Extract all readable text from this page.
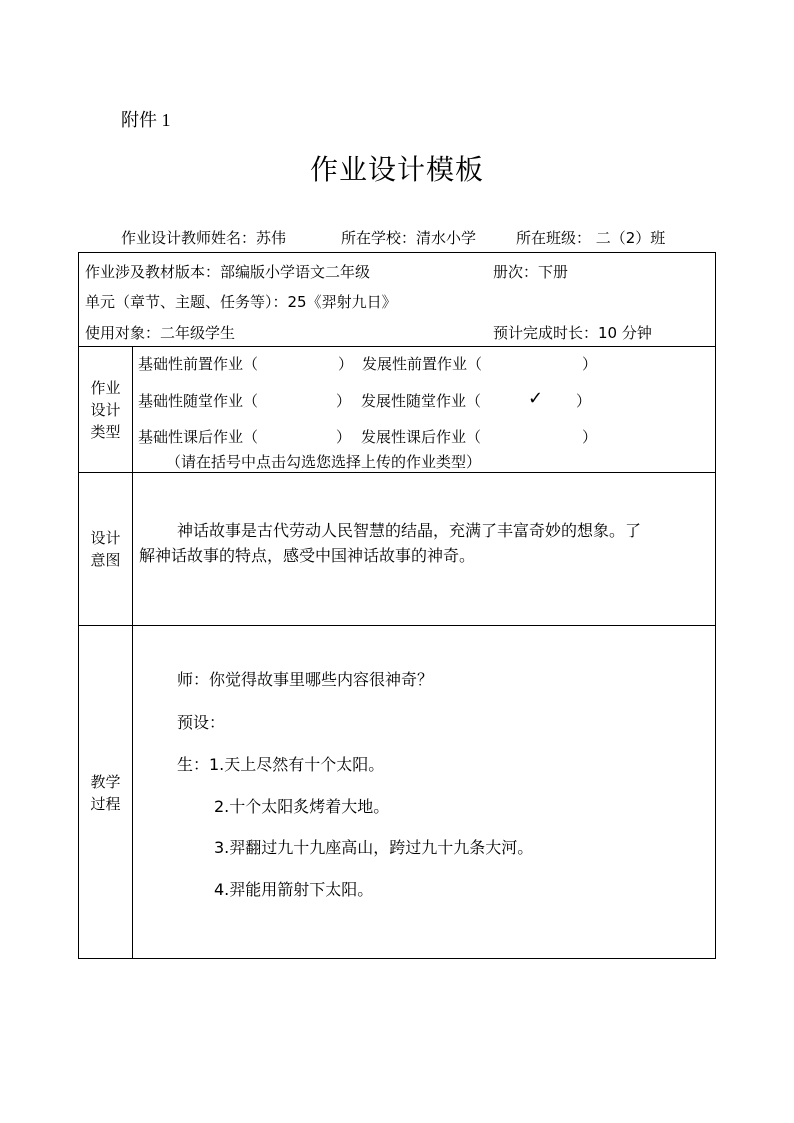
附件 1
作业设计模板
作业设计教师姓名：苏伟	所在学校：清水小学	所在班级： 二（2）班
作业涉及教材版本：部编版小学语文二年级	册次：下册
单元（章节、主题、任务等）：25《羿射九日》
使用对象：二年级学生	预计完成时长：10 分钟
作业
设计
类型
基础性前置作业（	） 发展性前置作业（	）
基础性随堂作业（	） 发展性随堂作业（	✓ ）
基础性课后作业（	） 发展性课后作业（	）
（请在括号中点击勾选您选择上传的作业类型）
设计
意图
神话故事是古代劳动人民智慧的结晶，充满了丰富奇妙的想象。了
解神话故事的特点，感受中国神话故事的神奇。
教学
过程
师：你觉得故事里哪些内容很神奇？
预设：
生：1.天上尽然有十个太阳。
2.十个太阳炙烤着大地。
3.羿翻过九十九座高山，跨过九十九条大河。
4.羿能用箭射下太阳。
